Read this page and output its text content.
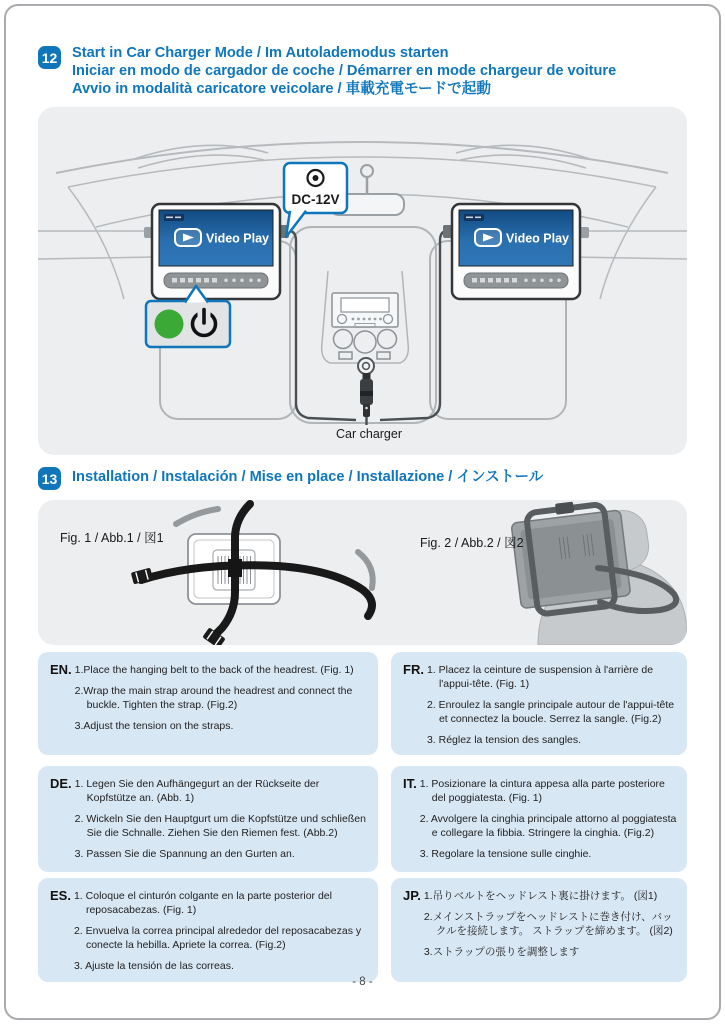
12 Start in Car Charger Mode / Im Autolademodus starten
Iniciar en modo de cargador de coche / Démarrer en mode chargeur de voiture
Avvio in modalità caricatore veicolare / 車載充電モードで起動
Car charger
Video Play	Video Play
DC-12V
13 Installation / Instalación / Mise en place / Installazione / インストール
Fig. 1 / Abb.1 / 図1	Fig. 2 / Abb.2 / 図2
EN. 1.Place the hanging belt to the back of the headrest. (Fig. 1)

2.Wrap the main strap around the headrest and connect the buckle. Tighten the strap. (Fig.2)

3.Adjust the tension on the straps.

FR. 1. Placez la ceinture de suspension à l'arrière de l'appui-tête. (Fig. 1)

2. Enroulez la sangle principale autour de l'appui-tête et connectez la boucle. Serrez la sangle. (Fig.2)

3. Réglez la tension des sangles.

DE. 1. Legen Sie den Aufhängegurt an der Rückseite der Kopfstütze an. (Abb. 1)

2. Wickeln Sie den Hauptgurt um die Kopfstütze und schließen Sie die Schnalle. Ziehen Sie den Riemen fest. (Abb.2)

3. Passen Sie die Spannung an den Gurten an.

IT. 1. Posizionare la cintura appesa alla parte posteriore del poggiatesta. (Fig. 1)

2. Avvolgere la cinghia principale attorno al poggiatesta e collegare la fibbia. Stringere la cinghia. (Fig.2)

3. Regolare la tensione sulle cinghie.

ES. 1. Coloque el cinturón colgante en la parte posterior del reposacabezas. (Fig. 1)

2. Envuelva la correa principal alrededor del reposacabezas y conecte la hebilla. Apriete la correa. (Fig.2)

3. Ajuste la tensión de las correas.

JP. 1.吊りベルトをヘッドレスト裏に掛けます。 (図1)

2.メインストラップをヘッドレストに巻き付け、バックルを接続します。 ストラップを締めます。 (図2)

3.ストラップの張りを調整します

- 8 -
